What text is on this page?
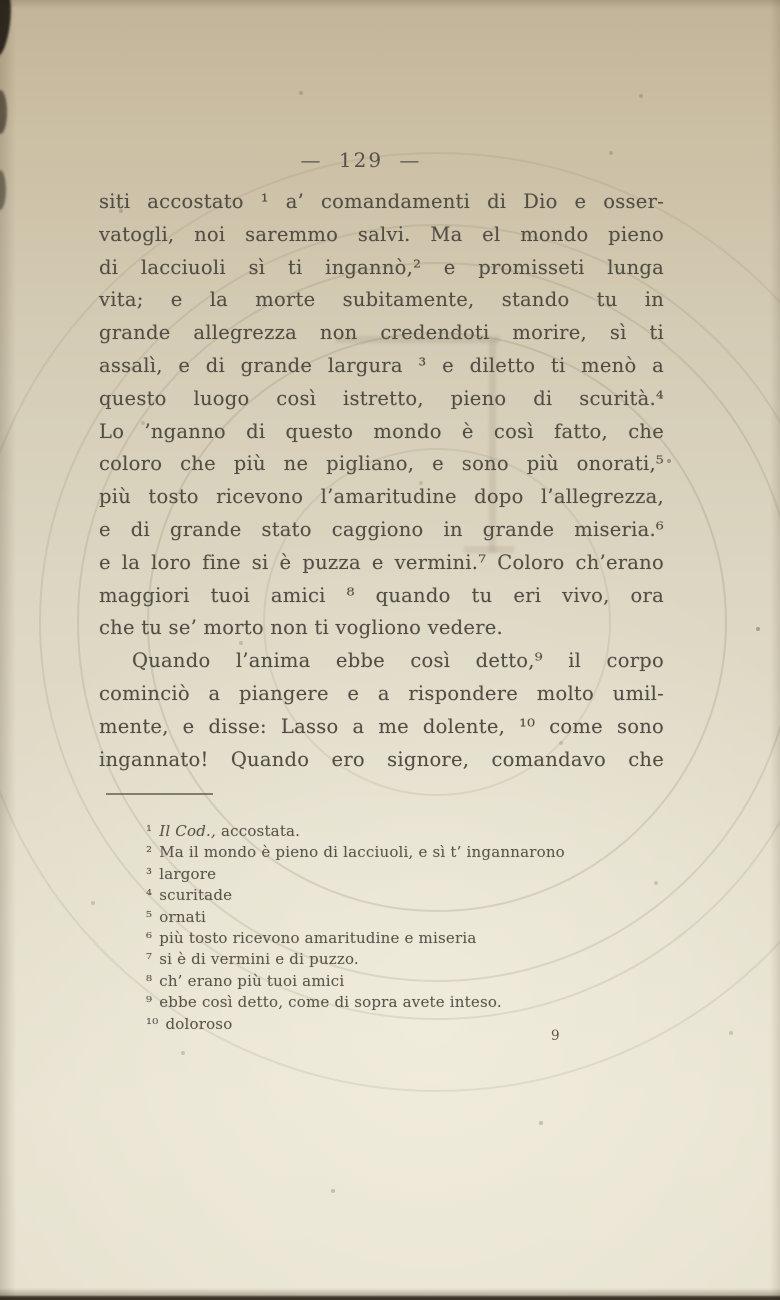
— 129 —
siti accostato ¹ a’ comandamenti di Dio e osser-
vatogli, noi saremmo salvi. Ma el mondo pieno
di lacciuoli sì ti ingannò,² e promisseti lunga
vita; e la morte subitamente, stando tu in
grande allegrezza non credendoti morire, sì ti
assalì, e di grande largura ³ e diletto ti menò a
questo luogo così istretto, pieno di scurità.⁴
Lo ’nganno di questo mondo è così fatto, che
coloro che più ne pigliano, e sono più onorati,⁵
più tosto ricevono l’amaritudine dopo l’allegrezza,
e di grande stato caggiono in grande miseria.⁶
e la loro fine si è puzza e vermini.⁷ Coloro ch’erano
maggiori tuoi amici ⁸ quando tu eri vivo, ora
che tu se’ morto non ti vogliono vedere.
Quando l’anima ebbe così detto,⁹ il corpo
cominciò a piangere e a rispondere molto umil-
mente, e disse: Lasso a me dolente, ¹⁰ come sono
ingannato! Quando ero signore, comandavo che
¹ Il Cod., accostata.
² Ma il mondo è pieno di lacciuoli, e sì t’ ingannarono
³ largore
⁴ scuritade
⁵ ornati
⁶ più tosto ricevono amaritudine e miseria
⁷ si è di vermini e di puzzo.
⁸ ch’ erano più tuoi amici
⁹ ebbe così detto, come di sopra avete inteso.
¹⁰ doloroso
9
